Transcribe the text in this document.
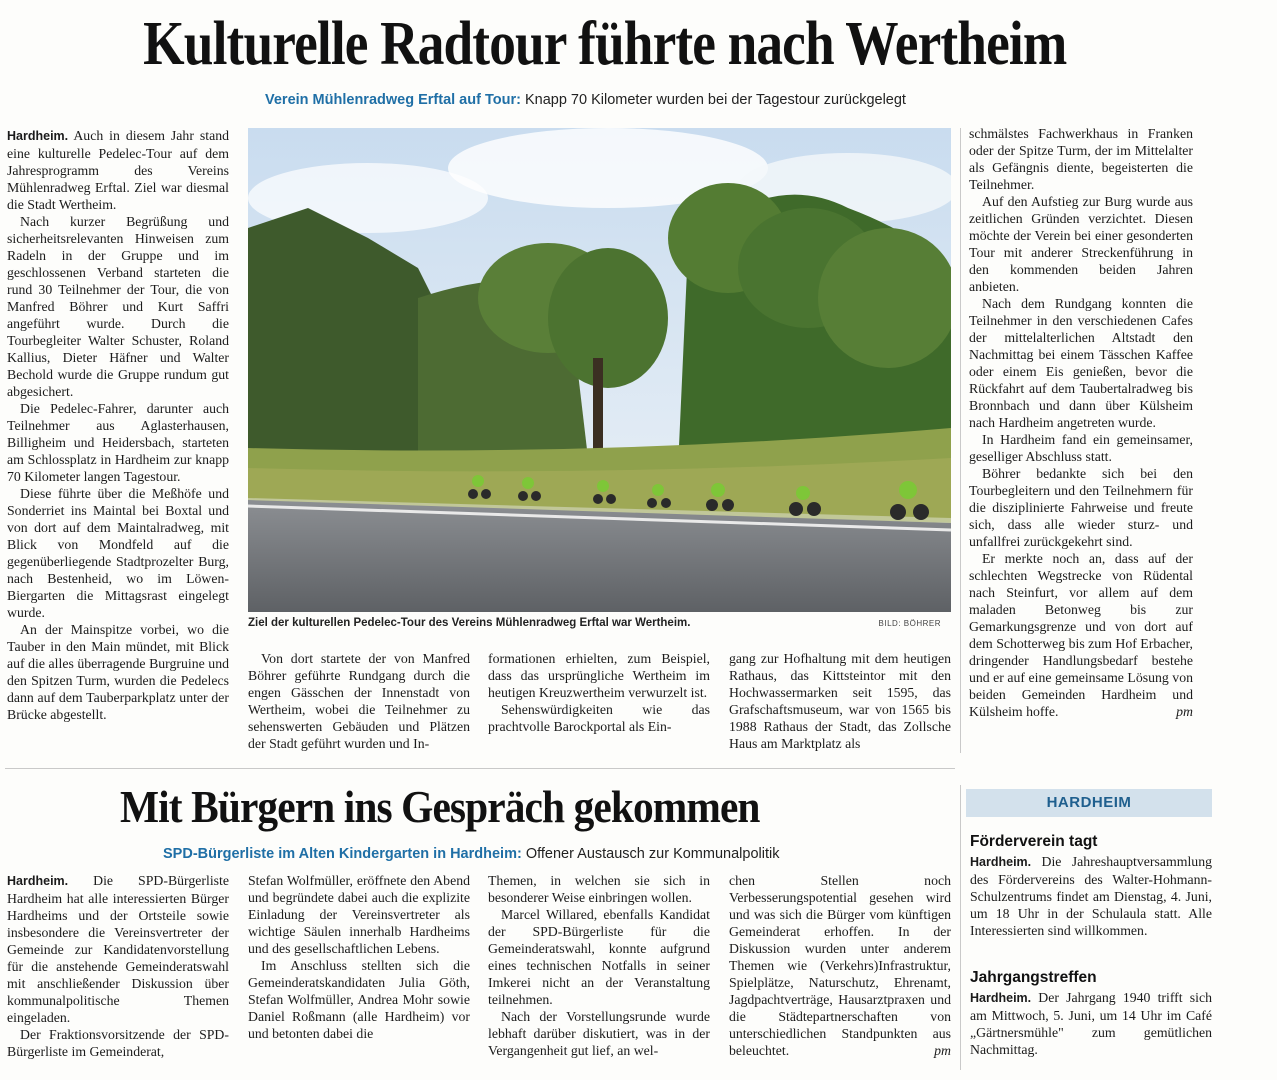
Kulturelle Radtour führte nach Wertheim
Verein Mühlenradweg Erftal auf Tour: Knapp 70 Kilometer wurden bei der Tagestour zurückgelegt

Hardheim. Auch in diesem Jahr stand eine kulturelle Pedelec-Tour auf dem Jahresprogramm des Vereins Mühlenradweg Erftal. Ziel war diesmal die Stadt Wertheim.

Nach kurzer Begrüßung und sicherheitsrelevanten Hinweisen zum Radeln in der Gruppe und im geschlossenen Verband starteten die rund 30 Teilnehmer der Tour, die von Manfred Böhrer und Kurt Saffri angeführt wurde. Durch die Tourbegleiter Walter Schuster, Roland Kallius, Dieter Häfner und Walter Bechold wurde die Gruppe rundum gut abgesichert.

Die Pedelec-Fahrer, darunter auch Teilnehmer aus Aglasterhausen, Billigheim und Heidersbach, starteten am Schlossplatz in Hardheim zur knapp 70 Kilometer langen Tagestour.

Diese führte über die Meßhöfe und Sonderriet ins Maintal bei Boxtal und von dort auf dem Maintalradweg, mit Blick von Mondfeld auf die gegenüberliegende Stadtprozelter Burg, nach Bestenheid, wo im Löwen-Biergarten die Mittagsrast eingelegt wurde.

An der Mainspitze vorbei, wo die Tauber in den Main mündet, mit Blick auf die alles überragende Burgruine und den Spitzen Turm, wurden die Pedelecs dann auf dem Tauberparkplatz unter der Brücke abgestellt.

Ziel der kulturellen Pedelec-Tour des Vereins Mühlenradweg Erftal war Wertheim.	BILD: BÖHRER

Von dort startete der von Manfred Böhrer geführte Rundgang durch die engen Gässchen der Innenstadt von Wertheim, wobei die Teilnehmer zu sehenswerten Gebäuden und Plätzen der Stadt geführt wurden und In-

formationen erhielten, zum Beispiel, dass das ursprüngliche Wertheim im heutigen Kreuzwertheim verwurzelt ist.

Sehenswürdigkeiten wie das prachtvolle Barockportal als Ein-

gang zur Hofhaltung mit dem heutigen Rathaus, das Kittsteintor mit den Hochwassermarken seit 1595, das Grafschaftsmuseum, war von 1565 bis 1988 Rathaus der Stadt, das Zollsche Haus am Marktplatz als

schmälstes Fachwerkhaus in Franken oder der Spitze Turm, der im Mittelalter als Gefängnis diente, begeisterten die Teilnehmer.

Auf den Aufstieg zur Burg wurde aus zeitlichen Gründen verzichtet. Diesen möchte der Verein bei einer gesonderten Tour mit anderer Streckenführung in den kommenden beiden Jahren anbieten.

Nach dem Rundgang konnten die Teilnehmer in den verschiedenen Cafes der mittelalterlichen Altstadt den Nachmittag bei einem Tässchen Kaffee oder einem Eis genießen, bevor die Rückfahrt auf dem Taubertalradweg bis Bronnbach und dann über Külsheim nach Hardheim angetreten wurde.

In Hardheim fand ein gemeinsamer, geselliger Abschluss statt.

Böhrer bedankte sich bei den Tourbegleitern und den Teilnehmern für die disziplinierte Fahrweise und freute sich, dass alle wieder sturz- und unfallfrei zurückgekehrt sind.

Er merkte noch an, dass auf der schlechten Wegstrecke von Rüdental nach Steinfurt, vor allem auf dem maladen Betonweg bis zur Gemarkungsgrenze und von dort auf dem Schotterweg bis zum Hof Erbacher, dringender Handlungsbedarf bestehe und er auf eine gemeinsame Lösung von beiden Gemeinden Hardheim und Külsheim hoffe.	pm

Mit Bürgern ins Gespräch gekommen
SPD-Bürgerliste im Alten Kindergarten in Hardheim: Offener Austausch zur Kommunalpolitik

Hardheim. Die SPD-Bürgerliste Hardheim hat alle interessierten Bürger Hardheims und der Ortsteile sowie insbesondere die Vereinsvertreter der Gemeinde zur Kandidatenvorstellung für die anstehende Gemeinderatswahl mit anschließender Diskussion über kommunalpolitische Themen eingeladen.

Der Fraktionsvorsitzende der SPD-Bürgerliste im Gemeinderat,

Stefan Wolfmüller, eröffnete den Abend und begründete dabei auch die explizite Einladung der Vereinsvertreter als wichtige Säulen innerhalb Hardheims und des gesellschaftlichen Lebens.

Im Anschluss stellten sich die Gemeinderatskandidaten Julia Göth, Stefan Wolfmüller, Andrea Mohr sowie Daniel Roßmann (alle Hardheim) vor und betonten dabei die

Themen, in welchen sie sich in besonderer Weise einbringen wollen.

Marcel Willared, ebenfalls Kandidat der SPD-Bürgerliste für die Gemeinderatswahl, konnte aufgrund eines technischen Notfalls in seiner Imkerei nicht an der Veranstaltung teilnehmen.

Nach der Vorstellungsrunde wurde lebhaft darüber diskutiert, was in der Vergangenheit gut lief, an wel-

chen Stellen noch Verbesserungspotential gesehen wird und was sich die Bürger vom künftigen Gemeinderat erhoffen. In der Diskussion wurden unter anderem Themen wie (Verkehrs)Infrastruktur, Spielplätze, Naturschutz, Ehrenamt, Jagdpachtverträge, Hausarztpraxen und die Städtepartnerschaften von unterschiedlichen Standpunkten aus beleuchtet.	pm

HARDHEIM
Förderverein tagt

Hardheim. Die Jahreshauptversammlung des Fördervereins des Walter-Hohmann-Schulzentrums findet am Dienstag, 4. Juni, um 18 Uhr in der Schulaula statt. Alle Interessierten sind willkommen.

Jahrgangstreffen

Hardheim. Der Jahrgang 1940 trifft sich am Mittwoch, 5. Juni, um 14 Uhr im Café „Gärtnersmühle" zum gemütlichen Nachmittag.
